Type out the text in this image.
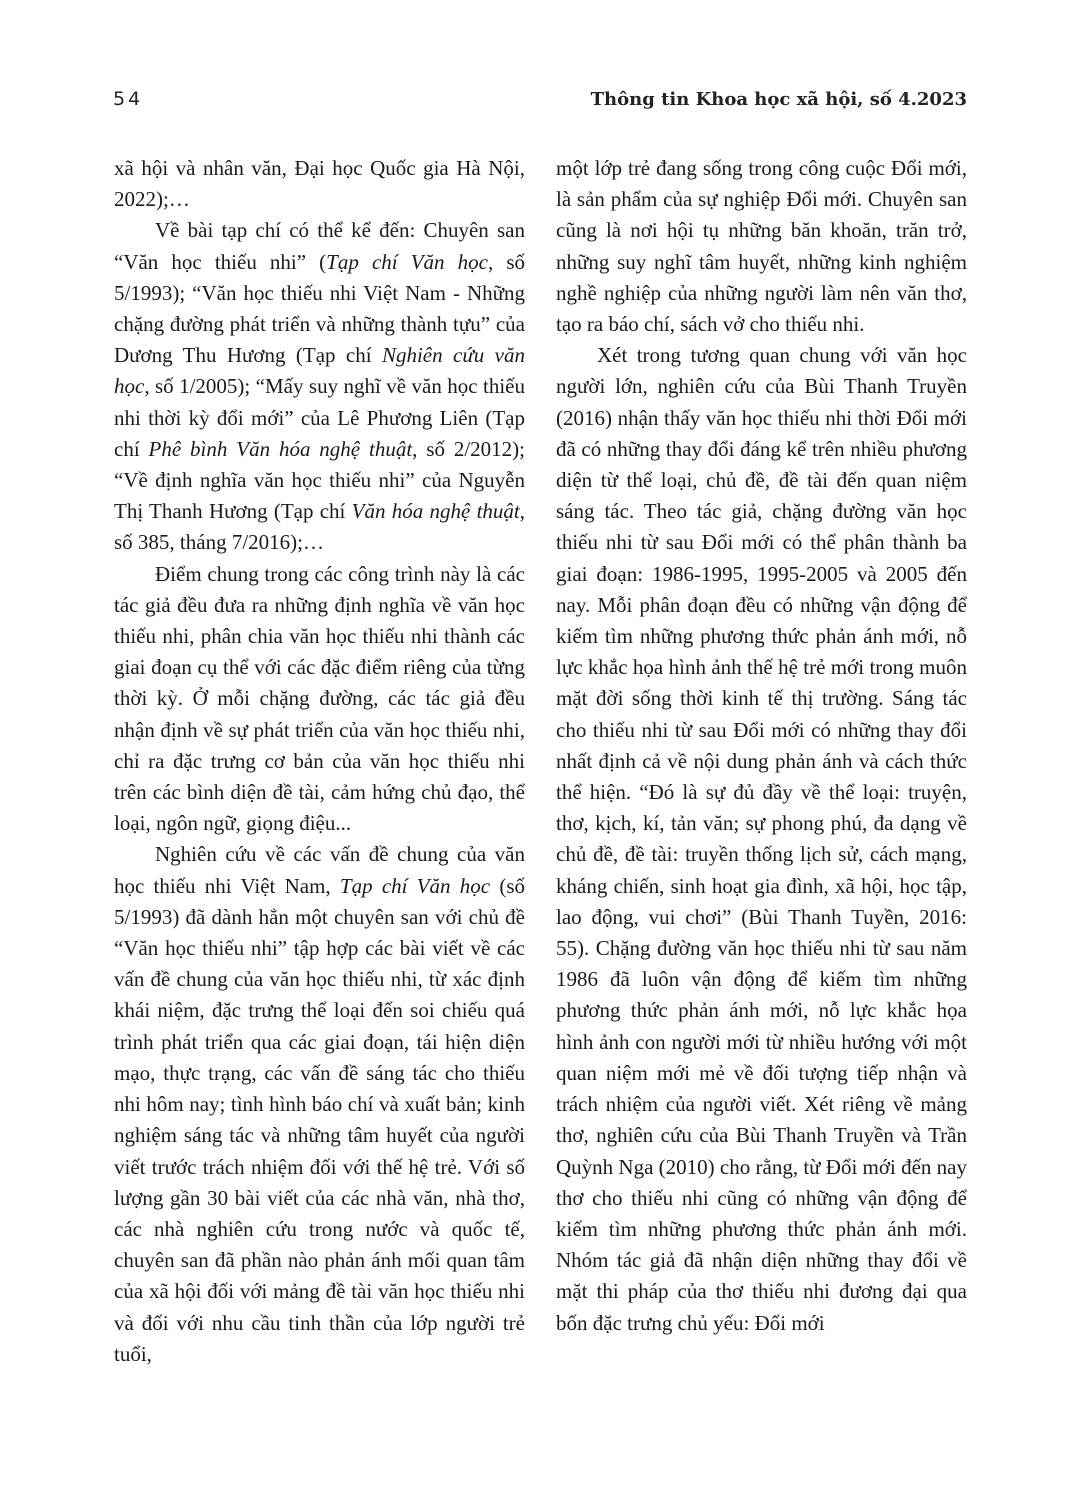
54	Thông tin Khoa học xã hội, số 4.2023

xã hội và nhân văn, Đại học Quốc gia Hà Nội, 2022);…

Về bài tạp chí có thể kể đến: Chuyên san “Văn học thiếu nhi” (Tạp chí Văn học, số 5/1993); “Văn học thiếu nhi Việt Nam - Những chặng đường phát triển và những thành tựu” của Dương Thu Hương (Tạp chí Nghiên cứu văn học, số 1/2005); “Mấy suy nghĩ về văn học thiếu nhi thời kỳ đổi mới” của Lê Phương Liên (Tạp chí Phê bình Văn hóa nghệ thuật, số 2/2012); “Về định nghĩa văn học thiếu nhi” của Nguyễn Thị Thanh Hương (Tạp chí Văn hóa nghệ thuật, số 385, tháng 7/2016);…

Điểm chung trong các công trình này là các tác giả đều đưa ra những định nghĩa về văn học thiếu nhi, phân chia văn học thiếu nhi thành các giai đoạn cụ thể với các đặc điểm riêng của từng thời kỳ. Ở mỗi chặng đường, các tác giả đều nhận định về sự phát triển của văn học thiếu nhi, chỉ ra đặc trưng cơ bản của văn học thiếu nhi trên các bình diện đề tài, cảm hứng chủ đạo, thể loại, ngôn ngữ, giọng điệu...

Nghiên cứu về các vấn đề chung của văn học thiếu nhi Việt Nam, Tạp chí Văn học (số 5/1993) đã dành hẳn một chuyên san với chủ đề “Văn học thiếu nhi” tập hợp các bài viết về các vấn đề chung của văn học thiếu nhi, từ xác định khái niệm, đặc trưng thể loại đến soi chiếu quá trình phát triển qua các giai đoạn, tái hiện diện mạo, thực trạng, các vấn đề sáng tác cho thiếu nhi hôm nay; tình hình báo chí và xuất bản; kinh nghiệm sáng tác và những tâm huyết của người viết trước trách nhiệm đối với thế hệ trẻ. Với số lượng gần 30 bài viết của các nhà văn, nhà thơ, các nhà nghiên cứu trong nước và quốc tế, chuyên san đã phần nào phản ánh mối quan tâm của xã hội đối với mảng đề tài văn học thiếu nhi và đối với nhu cầu tinh thần của lớp người trẻ tuổi,

một lớp trẻ đang sống trong công cuộc Đổi mới, là sản phẩm của sự nghiệp Đổi mới. Chuyên san cũng là nơi hội tụ những băn khoăn, trăn trở, những suy nghĩ tâm huyết, những kinh nghiệm nghề nghiệp của những người làm nên văn thơ, tạo ra báo chí, sách vở cho thiếu nhi.

Xét trong tương quan chung với văn học người lớn, nghiên cứu của Bùi Thanh Truyền (2016) nhận thấy văn học thiếu nhi thời Đổi mới đã có những thay đổi đáng kể trên nhiều phương diện từ thể loại, chủ đề, đề tài đến quan niệm sáng tác. Theo tác giả, chặng đường văn học thiếu nhi từ sau Đổi mới có thể phân thành ba giai đoạn: 1986-1995, 1995-2005 và 2005 đến nay. Mỗi phân đoạn đều có những vận động để kiếm tìm những phương thức phản ánh mới, nỗ lực khắc họa hình ảnh thế hệ trẻ mới trong muôn mặt đời sống thời kinh tế thị trường. Sáng tác cho thiếu nhi từ sau Đổi mới có những thay đổi nhất định cả về nội dung phản ánh và cách thức thể hiện. “Đó là sự đủ đầy về thể loại: truyện, thơ, kịch, kí, tản văn; sự phong phú, đa dạng về chủ đề, đề tài: truyền thống lịch sử, cách mạng, kháng chiến, sinh hoạt gia đình, xã hội, học tập, lao động, vui chơi” (Bùi Thanh Tuyền, 2016: 55). Chặng đường văn học thiếu nhi từ sau năm 1986 đã luôn vận động để kiếm tìm những phương thức phản ánh mới, nỗ lực khắc họa hình ảnh con người mới từ nhiều hướng với một quan niệm mới mẻ về đối tượng tiếp nhận và trách nhiệm của người viết. Xét riêng về mảng thơ, nghiên cứu của Bùi Thanh Truyền và Trần Quỳnh Nga (2010) cho rằng, từ Đổi mới đến nay thơ cho thiếu nhi cũng có những vận động để kiếm tìm những phương thức phản ánh mới. Nhóm tác giả đã nhận diện những thay đổi về mặt thi pháp của thơ thiếu nhi đương đại qua bốn đặc trưng chủ yếu: Đổi mới
